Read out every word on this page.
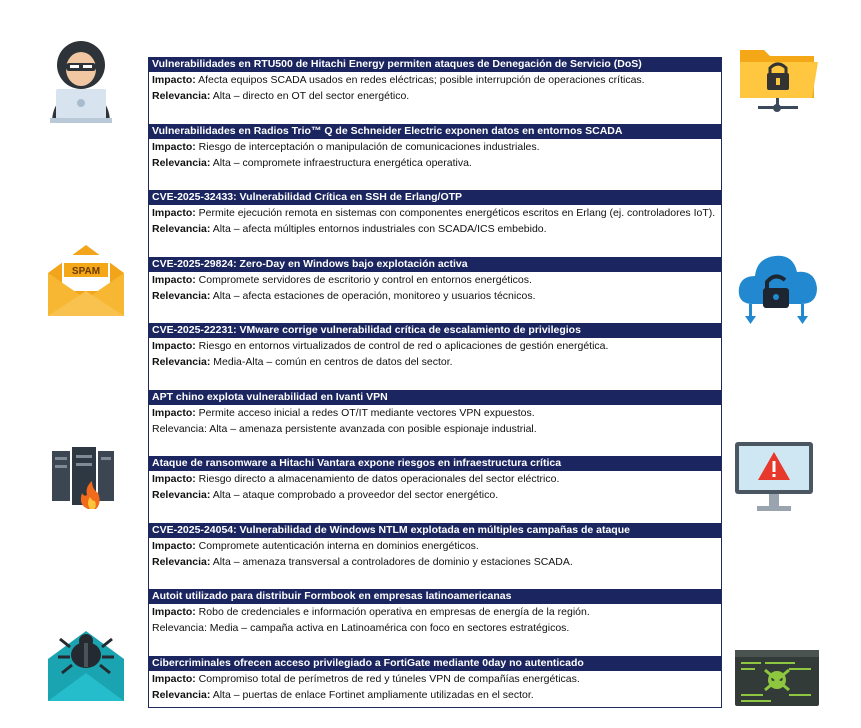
SPAM
Vulnerabilidades en RTU500 de Hitachi Energy permiten ataques de Denegación de Servicio (DoS)
Impacto: Afecta equipos SCADA usados en redes eléctricas; posible interrupción de operaciones críticas.
Relevancia: Alta – directo en OT del sector energético.
Vulnerabilidades en Radios Trio™ Q de Schneider Electric exponen datos en entornos SCADA
Impacto: Riesgo de interceptación o manipulación de comunicaciones industriales.
Relevancia: Alta – compromete infraestructura energética operativa.
CVE-2025-32433: Vulnerabilidad Crítica en SSH de Erlang/OTP
Impacto: Permite ejecución remota en sistemas con componentes energéticos escritos en Erlang (ej. controladores IoT).
Relevancia: Alta – afecta múltiples entornos industriales con SCADA/ICS embebido.
CVE-2025-29824: Zero-Day en Windows bajo explotación activa
Impacto: Compromete servidores de escritorio y control en entornos energéticos.
Relevancia: Alta – afecta estaciones de operación, monitoreo y usuarios técnicos.
CVE-2025-22231: VMware corrige vulnerabilidad crítica de escalamiento de privilegios
Impacto: Riesgo en entornos virtualizados de control de red o aplicaciones de gestión energética.
Relevancia: Media-Alta – común en centros de datos del sector.
APT chino explota vulnerabilidad en Ivanti VPN
Impacto: Permite acceso inicial a redes OT/IT mediante vectores VPN expuestos.
Relevancia: Alta – amenaza persistente avanzada con posible espionaje industrial.
Ataque de ransomware a Hitachi Vantara expone riesgos en infraestructura crítica
Impacto: Riesgo directo a almacenamiento de datos operacionales del sector eléctrico.
Relevancia: Alta – ataque comprobado a proveedor del sector energético.
CVE-2025-24054: Vulnerabilidad de Windows NTLM explotada en múltiples campañas de ataque
Impacto: Compromete autenticación interna en dominios energéticos.
Relevancia: Alta – amenaza transversal a controladores de dominio y estaciones SCADA.
Autoit utilizado para distribuir Formbook en empresas latinoamericanas
Impacto: Robo de credenciales e información operativa en empresas de energía de la región.
Relevancia: Media – campaña activa en Latinoamérica con foco en sectores estratégicos.
Cibercriminales ofrecen acceso privilegiado a FortiGate mediante 0day no autenticado
Impacto: Compromiso total de perímetros de red y túneles VPN de compañías energéticas.
Relevancia: Alta – puertas de enlace Fortinet ampliamente utilizadas en el sector.
